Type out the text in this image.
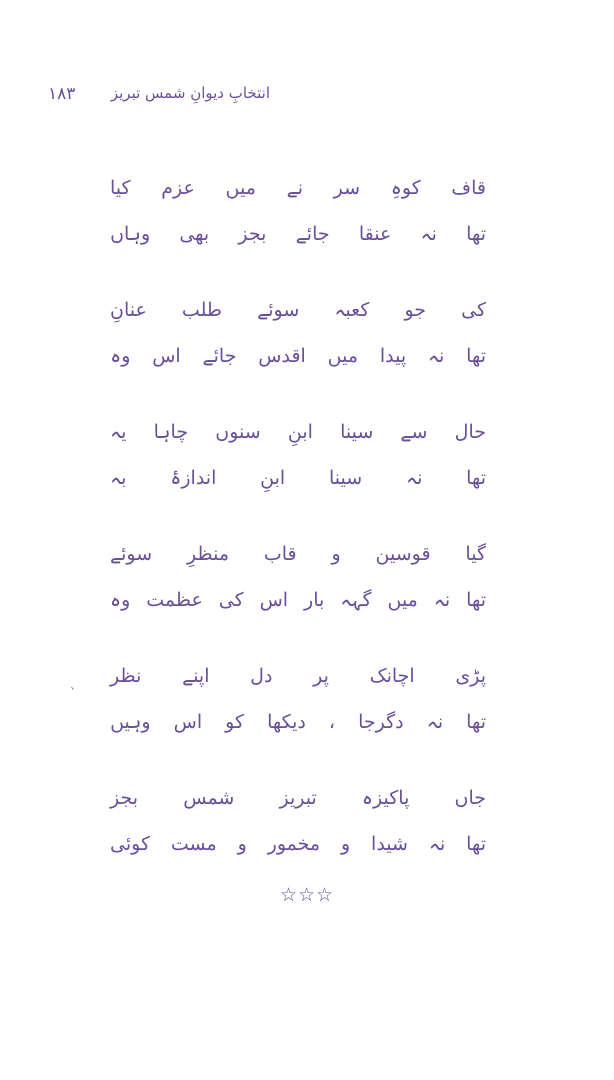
۱۸۳ انتخابِ دیوانِ شمس تبریز
کیا عزم میں نے سر کوہِ قاف
وہاں بھی بجز جائے عنقا نہ تھا
عنانِ طلب سوئے کعبہ جو کی
وہ اس جائے اقدس میں پیدا نہ تھا
یہ چاہا سنوں ابنِ سینا سے حال
بہ اندازۂ ابنِ سینا نہ تھا
سوئے منظرِ قاب و قوسین گیا
وہ عظمت کی اس بار گہہ میں نہ تھا
نظر اپنے دل پر اچانک پڑی
وہیں اس کو دیکھا ، دگرجا نہ تھا
بجز شمس تبریز پاکیزہ جاں
کوئی مست و مخمور و شیدا نہ تھا
`
☆☆☆
